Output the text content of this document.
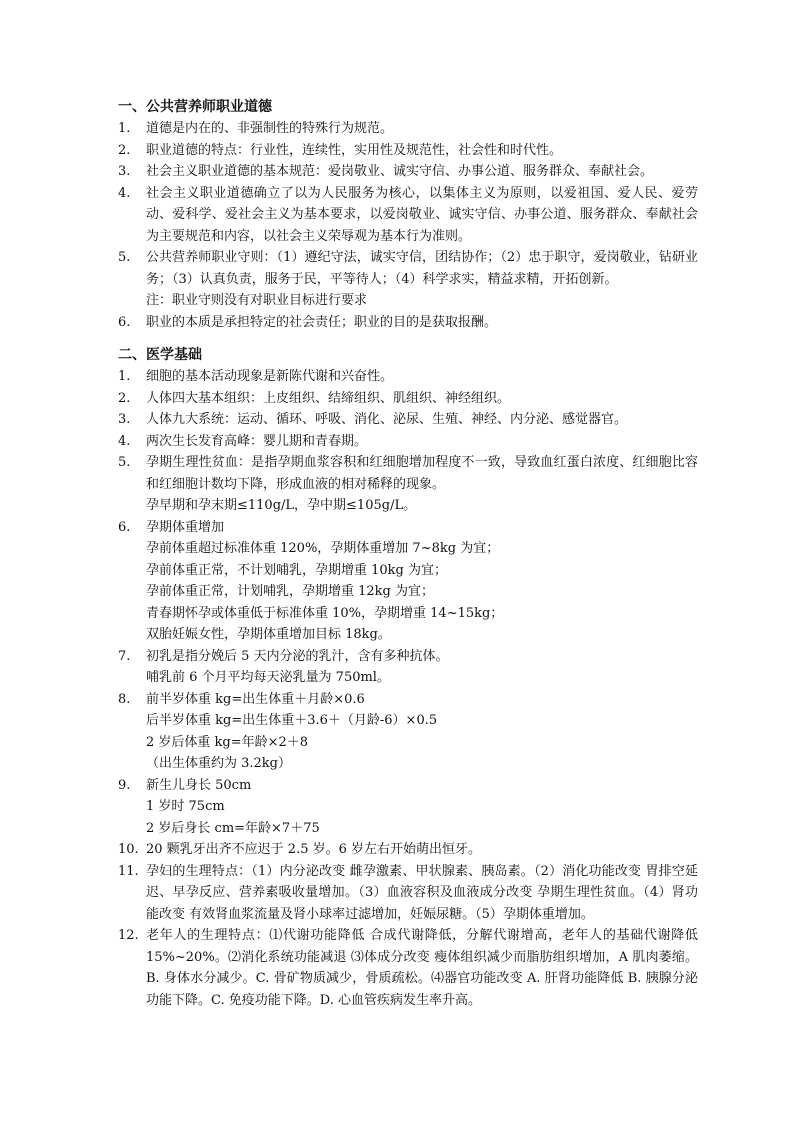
一、公共营养师职业道德
1.	道德是内在的、非强制性的特殊行为规范。
2.	职业道德的特点：行业性，连续性，实用性及规范性，社会性和时代性。
3.	社会主义职业道德的基本规范：爱岗敬业、诚实守信、办事公道、服务群众、奉献社会。
4.	社会主义职业道德确立了以为人民服务为核心，以集体主义为原则，以爱祖国、爱人民、爱劳动、爱科学、爱社会主义为基本要求，以爱岗敬业、诚实守信、办事公道、服务群众、奉献社会为主要规范和内容，以社会主义荣辱观为基本行为准则。
5.	公共营养师职业守则：（1）遵纪守法，诚实守信，团结协作；（2）忠于职守，爱岗敬业，钻研业务；（3）认真负责，服务于民，平等待人；（4）科学求实，精益求精，开拓创新。
注：职业守则没有对职业目标进行要求
6.	职业的本质是承担特定的社会责任；职业的目的是获取报酬。
二、医学基础
1.	细胞的基本活动现象是新陈代谢和兴奋性。
2.	人体四大基本组织：上皮组织、结缔组织、肌组织、神经组织。
3.	人体九大系统：运动、循环、呼吸、消化、泌尿、生殖、神经、内分泌、感觉器官。
4.	两次生长发育高峰：婴儿期和青春期。
5.	孕期生理性贫血：是指孕期血浆容积和红细胞增加程度不一致，导致血红蛋白浓度、红细胞比容和红细胞计数均下降，形成血液的相对稀释的现象。
孕早期和孕末期≤110g/L，孕中期≤105g/L。
6.	孕期体重增加
孕前体重超过标准体重 120%，孕期体重增加 7~8kg 为宜；
孕前体重正常，不计划哺乳，孕期增重 10kg 为宜；
孕前体重正常，计划哺乳，孕期增重 12kg 为宜；
青春期怀孕或体重低于标准体重 10%，孕期增重 14~15kg；
双胎妊娠女性，孕期体重增加目标 18kg。
7.	初乳是指分娩后 5 天内分泌的乳汁，含有多种抗体。
哺乳前 6 个月平均每天泌乳量为 750ml。
8.	前半岁体重 kg=出生体重＋月龄×0.6
后半岁体重 kg=出生体重＋3.6＋（月龄-6）×0.5
2 岁后体重 kg=年龄×2＋8
（出生体重约为 3.2kg）
9.	新生儿身长 50cm
1 岁时 75cm
2 岁后身长 cm=年龄×7＋75
10. 20 颗乳牙出齐不应迟于 2.5 岁。6 岁左右开始萌出恒牙。
11. 孕妇的生理特点：（1）内分泌改变 雌孕激素、甲状腺素、胰岛素。（2）消化功能改变 胃排空延迟、早孕反应、营养素吸收量增加。（3）血液容积及血液成分改变 孕期生理性贫血。（4）肾功能改变 有效肾血浆流量及肾小球率过滤增加，妊娠尿糖。（5）孕期体重增加。
12. 老年人的生理特点：⑴代谢功能降低 合成代谢降低，分解代谢增高，老年人的基础代谢降低 15%~20%。⑵消化系统功能减退 ⑶体成分改变 瘦体组织减少而脂肪组织增加，A 肌肉萎缩。B. 身体水分减少。C. 骨矿物质减少，骨质疏松。⑷器官功能改变 A. 肝肾功能降低 B. 胰腺分泌功能下降。C. 免疫功能下降。D. 心血管疾病发生率升高。
